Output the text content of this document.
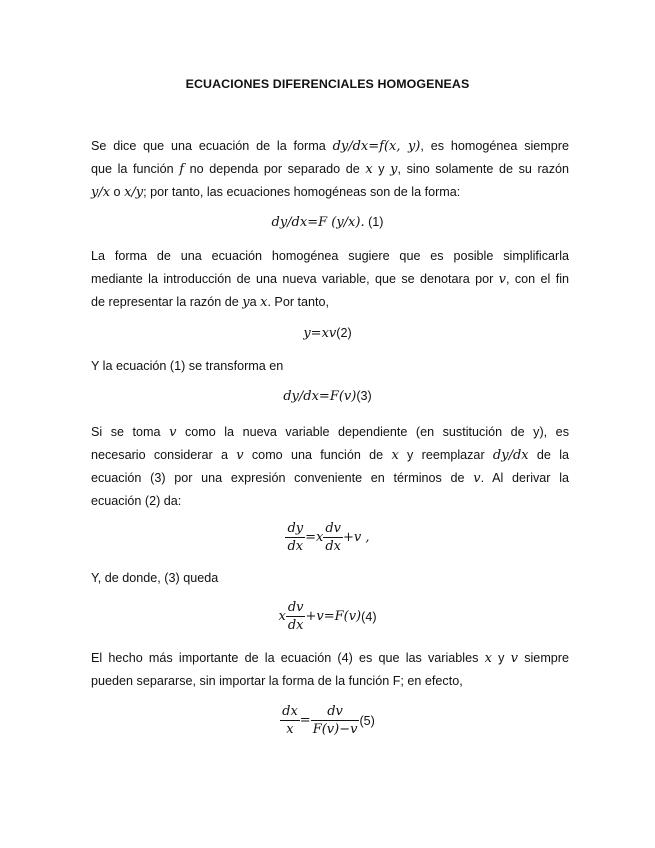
ECUACIONES DIFERENCIALES HOMOGENEAS
Se dice que una ecuación de la forma dy/dx=f(x, y), es homogénea siempre
que la función f no dependa por separado de x y y, sino solamente de su razón
y/x o x/y; por tanto, las ecuaciones homogéneas son de la forma:
dy/dx=F (y/x). (1)
La forma de una ecuación homogénea sugiere que es posible simplificarla
mediante la introducción de una nueva variable, que se denotara por v, con el fin
de representar la razón de ya x. Por tanto,
y=xv(2)
Y la ecuación (1) se transforma en
dy/dx=F(v)(3)
Si se toma v como la nueva variable dependiente (en sustitución de y), es
necesario considerar a v como una función de x y reemplazar dy/dx de la
ecuación (3) por una expresión conveniente en términos de v. Al derivar la
ecuación (2) da:
$\frac{dy}{dx} =x \frac{dv}{dx} +v$ ,
Y, de donde, (3) queda
x $\frac{dv}{dx} +v=F(v)(4)$
El hecho más importante de la ecuación (4) es que las variables x y v siempre
pueden separarse, sin importar la forma de la función F; en efecto,
$\frac{dx}{x} = \frac{dv}{F(v)-v} (5)$
